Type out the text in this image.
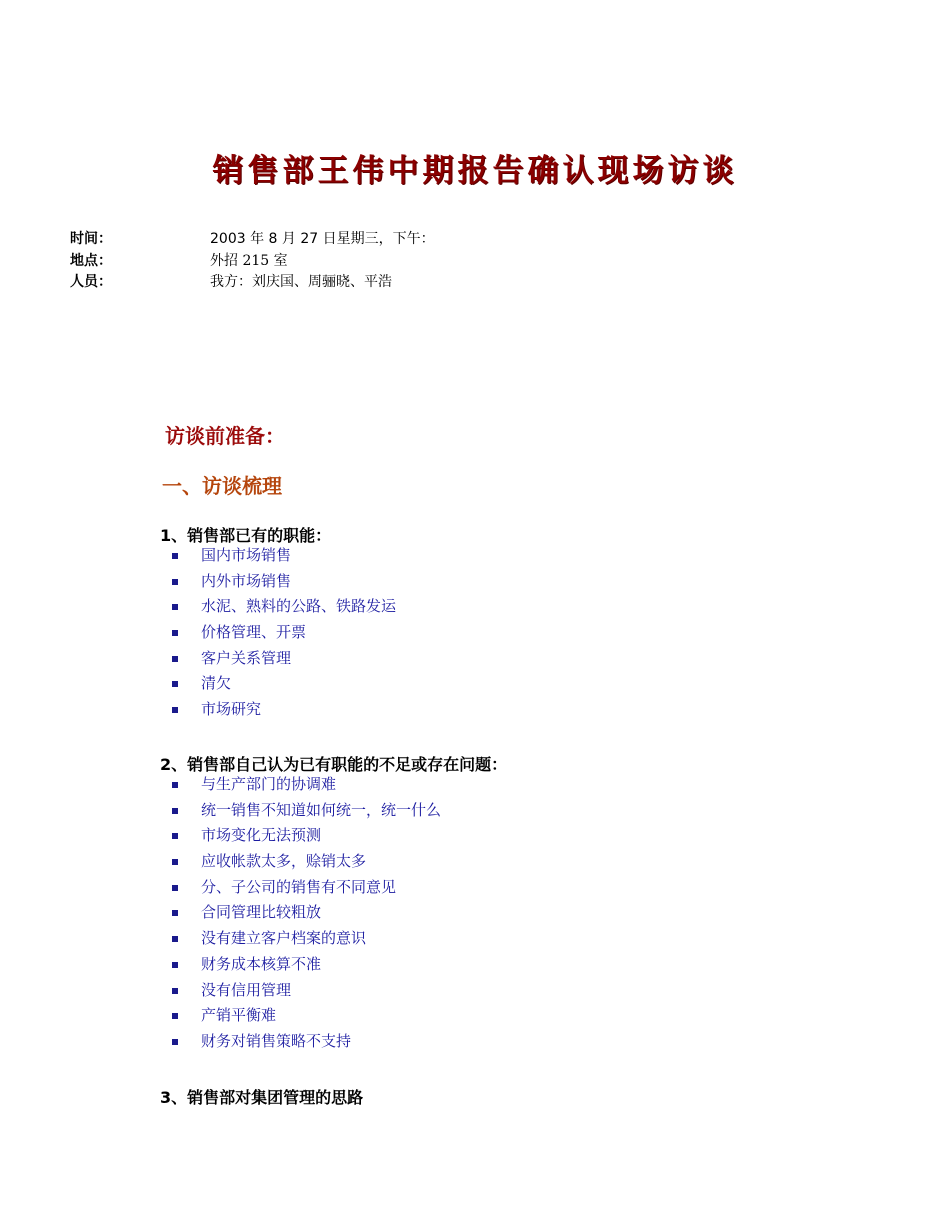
销售部王伟中期报告确认现场访谈
时间：	2003 年 8 月 27 日星期三，下午：
地点：	外招 215 室
人员：	我方：刘庆国、周骊晓、平浩
访谈前准备：
一、访谈梳理
1、销售部已有的职能：
国内市场销售
内外市场销售
水泥、熟料的公路、铁路发运
价格管理、开票
客户关系管理
清欠
市场研究
2、销售部自己认为已有职能的不足或存在问题：
与生产部门的协调难
统一销售不知道如何统一，统一什么
市场变化无法预测
应收帐款太多，赊销太多
分、子公司的销售有不同意见
合同管理比较粗放
没有建立客户档案的意识
财务成本核算不准
没有信用管理
产销平衡难
财务对销售策略不支持
3、销售部对集团管理的思路
